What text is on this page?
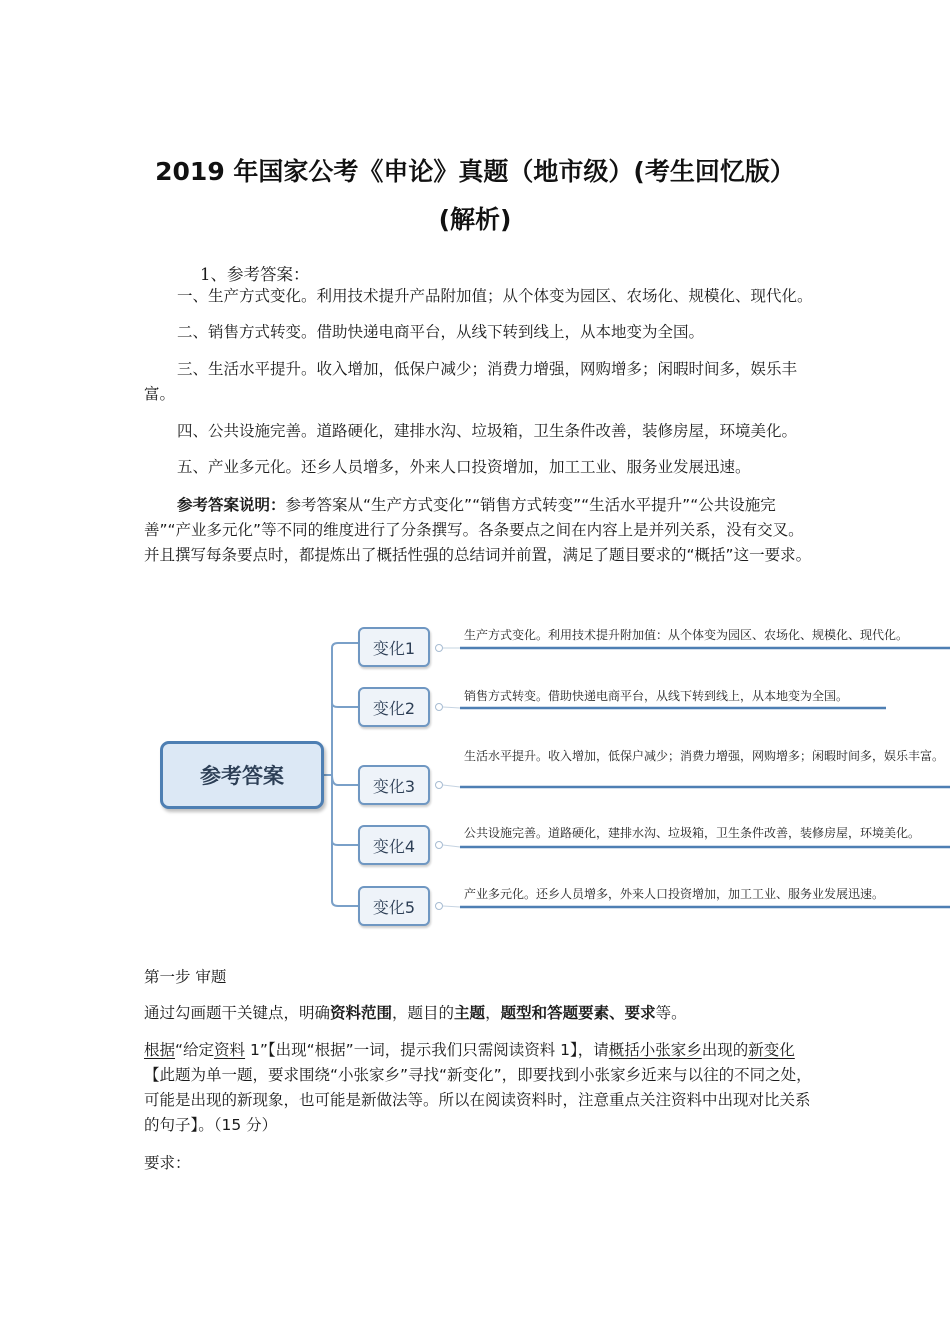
2019 年国家公考《申论》真题（地市级）(考生回忆版）
(解析)

1、参考答案：

一、生产方式变化。利用技术提升产品附加值；从个体变为园区、农场化、规模化、现代化。

二、销售方式转变。借助快递电商平台，从线下转到线上，从本地变为全国。

三、生活水平提升。收入增加，低保户减少；消费力增强，网购增多；闲暇时间多，娱乐丰富。

四、公共设施完善。道路硬化，建排水沟、垃圾箱，卫生条件改善，装修房屋，环境美化。

五、产业多元化。还乡人员增多，外来人口投资增加，加工工业、服务业发展迅速。

参考答案说明：参考答案从“生产方式变化”“销售方式转变”“生活水平提升”“公共设施完善”“产业多元化”等不同的维度进行了分条撰写。各条要点之间在内容上是并列关系，没有交叉。并且撰写每条要点时，都提炼出了概括性强的总结词并前置，满足了题目要求的“概括”这一要求。

参考答案
变化1
生产方式变化。利用技术提升附加值：从个体变为园区、农场化、规模化、现代化。
变化2
销售方式转变。借助快递电商平台，从线下转到线上，从本地变为全国。
变化3
生活水平提升。收入增加，低保户减少；消费力增强，网购增多；闲暇时间多，娱乐丰富。
变化4
公共设施完善。道路硬化，建排水沟、垃圾箱，卫生条件改善，装修房屋，环境美化。
变化5
产业多元化。还乡人员增多，外来人口投资增加，加工工业、服务业发展迅速。

第一步 审题

通过勾画题干关键点，明确资料范围，题目的主题，题型和答题要素、要求等。

根据“给定资料 1”【出现“根据”一词，提示我们只需阅读资料 1】，请概括小张家乡出现的新变化【此题为单一题，要求围绕“小张家乡”寻找“新变化”，即要找到小张家乡近来与以往的不同之处，可能是出现的新现象，也可能是新做法等。所以在阅读资料时，注意重点关注资料中出现对比关系的句子】。（15 分）

要求：
